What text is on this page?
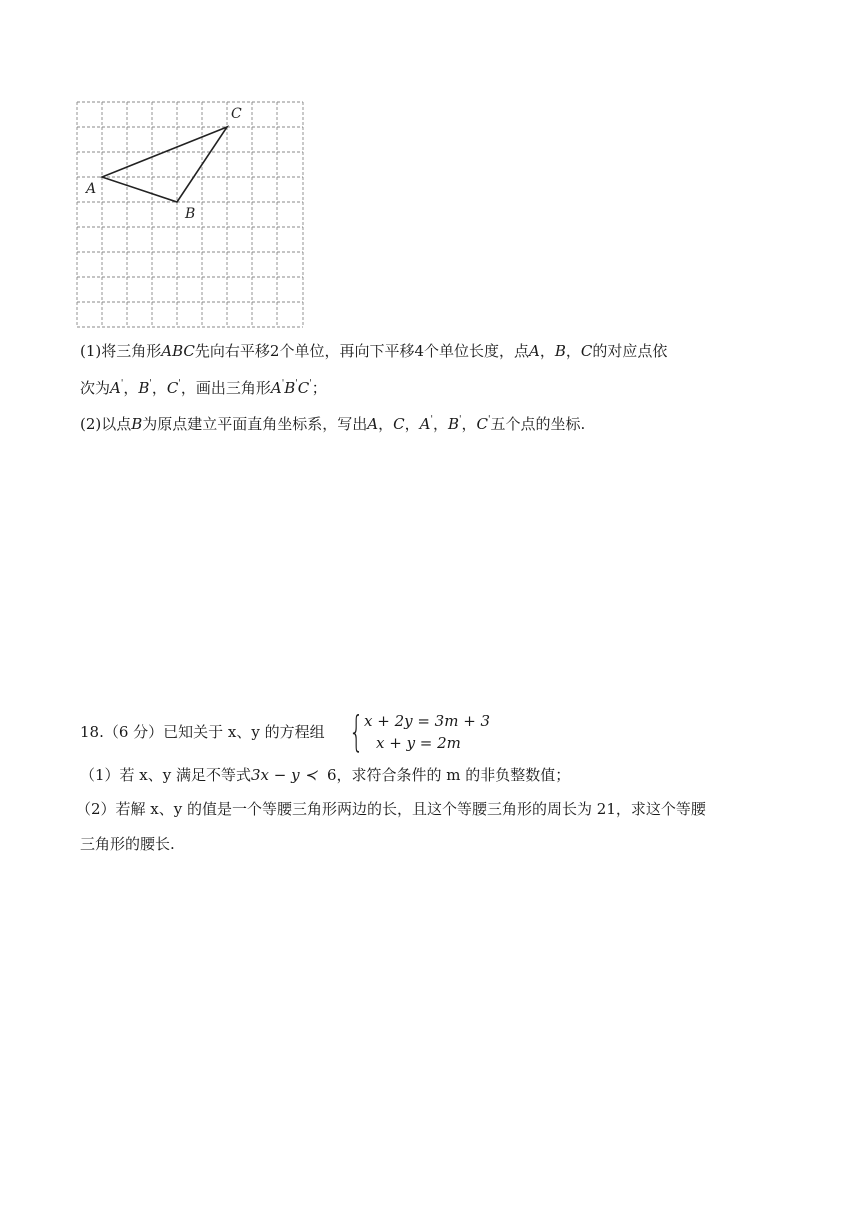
A
B
C
(1)将三角形ABC先向右平移2个单位，再向下平移4个单位长度，点A，B，C的对应点依
次为A'，B'，C'，画出三角形A'B'C'；
(2)以点B为原点建立平面直角坐标系，写出A，C，A'，B'，C'五个点的坐标.
18.（6 分）已知关于 x、y 的方程组 { x + 2y = 3m + 3
x + y = 2m
（1）若 x、y 满足不等式3x − y ≺ 6，求符合条件的 m 的非负整数值；
（2）若解 x、y 的值是一个等腰三角形两边的长，且这个等腰三角形的周长为 21，求这个等腰
三角形的腰长.
